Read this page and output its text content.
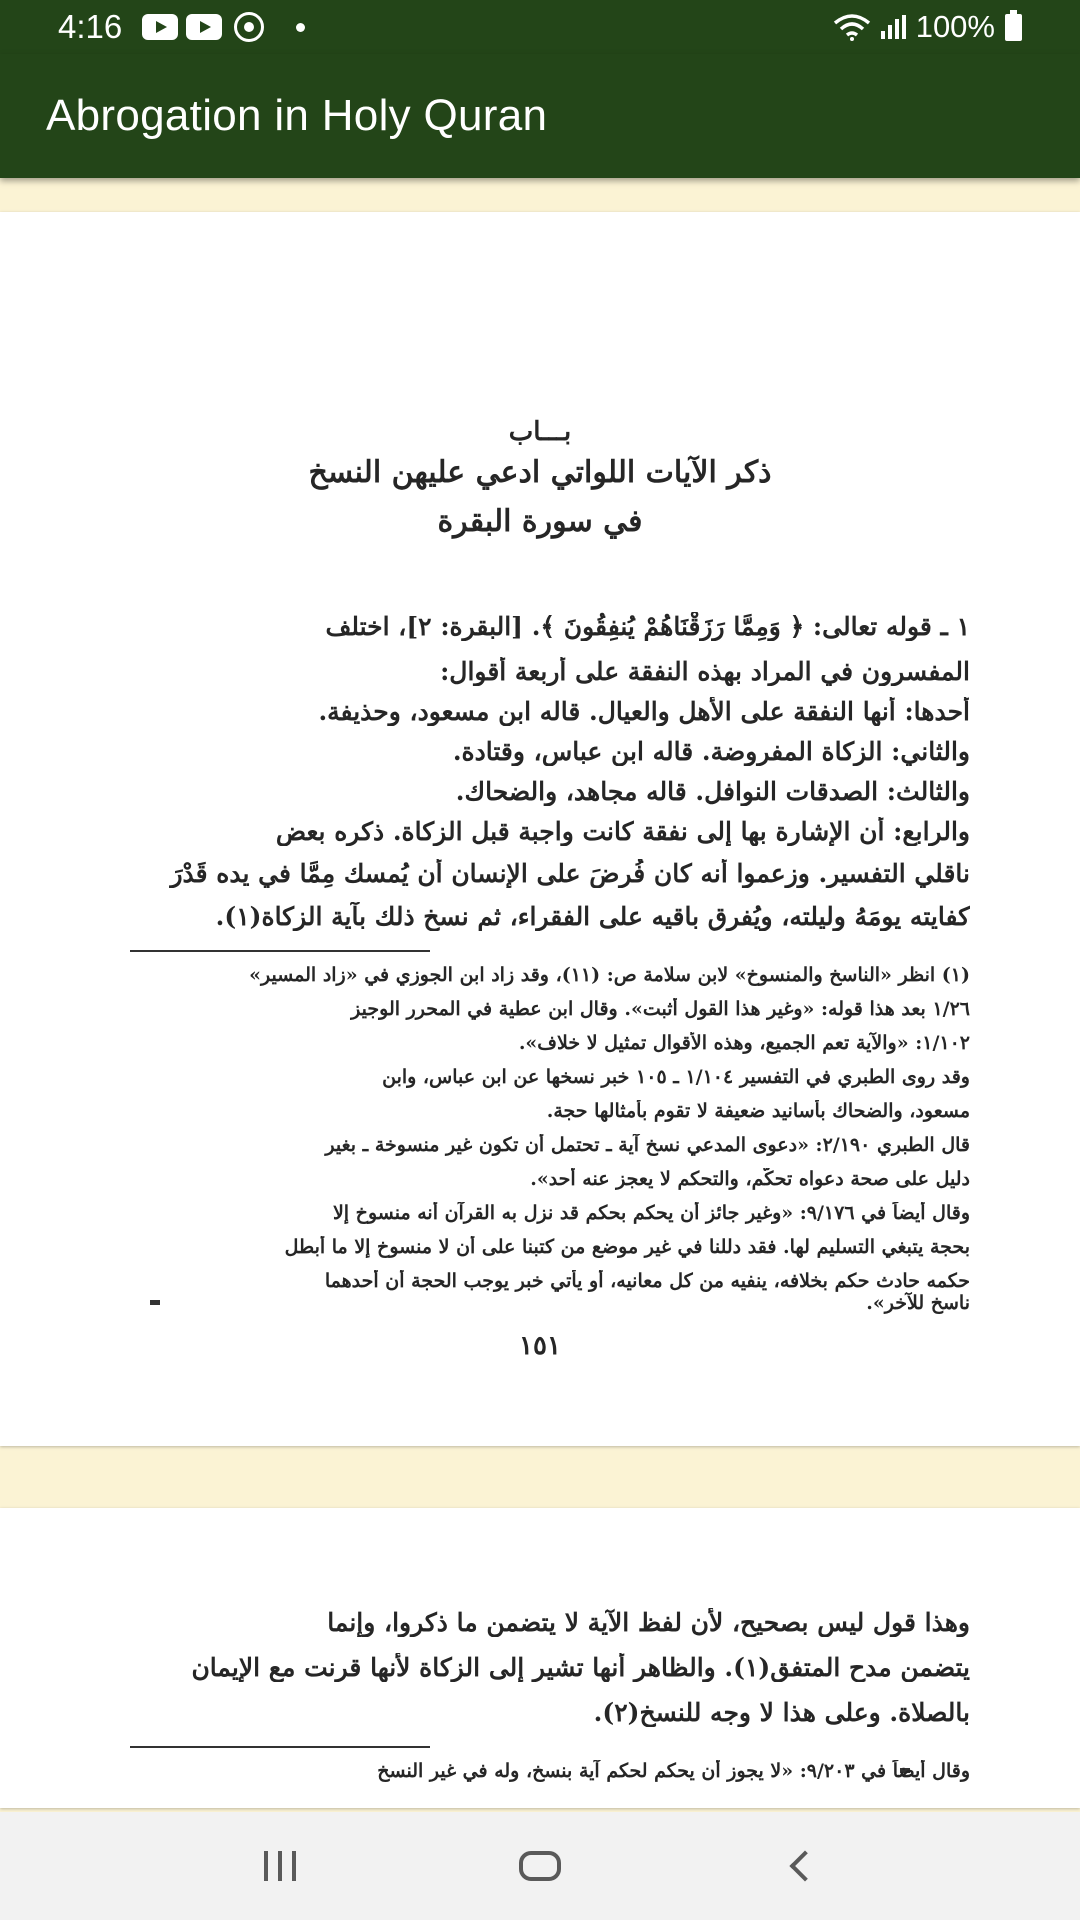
4:16	100%
Abrogation in Holy Quran
بـــاب
ذكر الآيات اللواتي ادعي عليهن النسخ
في سورة البقرة
١ ـ قوله تعالى: ﴿ وَمِمَّا رَزَقْنَاهُمْ يُنفِقُونَ ﴾. [البقرة: ٢]، اختلف
المفسرون في المراد بهذه النفقة على أربعة أقوال:
أحدها: أنها النفقة على الأهل والعيال. قاله ابن مسعود، وحذيفة.
والثاني: الزكاة المفروضة. قاله ابن عباس، وقتادة.
والثالث: الصدقات النوافل. قاله مجاهد، والضحاك.
والرابع: أن الإشارة بها إلى نفقة كانت واجبة قبل الزكاة. ذكره بعض
ناقلي التفسير. وزعموا أنه كان فُرِضَ على الإنسان أن يُمسك مِمَّا في يده قَدْرَ
كفايته يومَهُ وليلته، ويُفرق باقيه على الفقراء، ثم نسخ ذلك بآية الزكاة(١).
(١) انظر «الناسخ والمنسوخ» لابن سلامة ص: (١١)، وقد زاد ابن الجوزي في «زاد المسير»
١/٢٦ بعد هذا قوله: «وغير هذا القول أثبت». وقال ابن عطية في المحرر الوجيز
١/١٠٢: «والآية تعم الجميع، وهذه الأقوال تمثيل لا خلاف».
وقد روى الطبري في التفسير ١/١٠٤ ـ ١٠٥ خبر نسخها عن ابن عباس، وابن
مسعود، والضحاك بأسانيد ضعيفة لا تقوم بأمثالها حجة.
قال الطبري ٢/١٩٠: «دعوى المدعي نسخ آية ـ تحتمل أن تكون غير منسوخة ـ بغير
دليل على صحة دعواه تحكُّم، والتحكم لا يعجز عنه أحد».
وقال أيضاً في ٩/١٧٦: «وغير جائز أن يحكم بحكم قد نزل به القرآن أنه منسوخ إلا
بحجة يتبغي التسليم لها. فقد دللنا في غير موضع من كتبنا على أن لا منسوخ إلا ما أبطل
حكمه حادث حكم بخلافه، ينفيه من كل معانيه، أو يأتي خبر يوجب الحجة أن أحدهما
ناسخ للآخر».
١٥١
وهذا قول ليس بصحيح، لأن لفظ الآية لا يتضمن ما ذكروا، وإنما
يتضمن مدح المتفق(١). والظاهر أنها تشير إلى الزكاة لأنها قرنت مع الإيمان
بالصلاة. وعلى هذا لا وجه للنسخ(٢).
وقال أيضاً في ٩/٢٠٣: «لا يجوز أن يحكم لحكم آية بنسخ، وله في غير النسخ
